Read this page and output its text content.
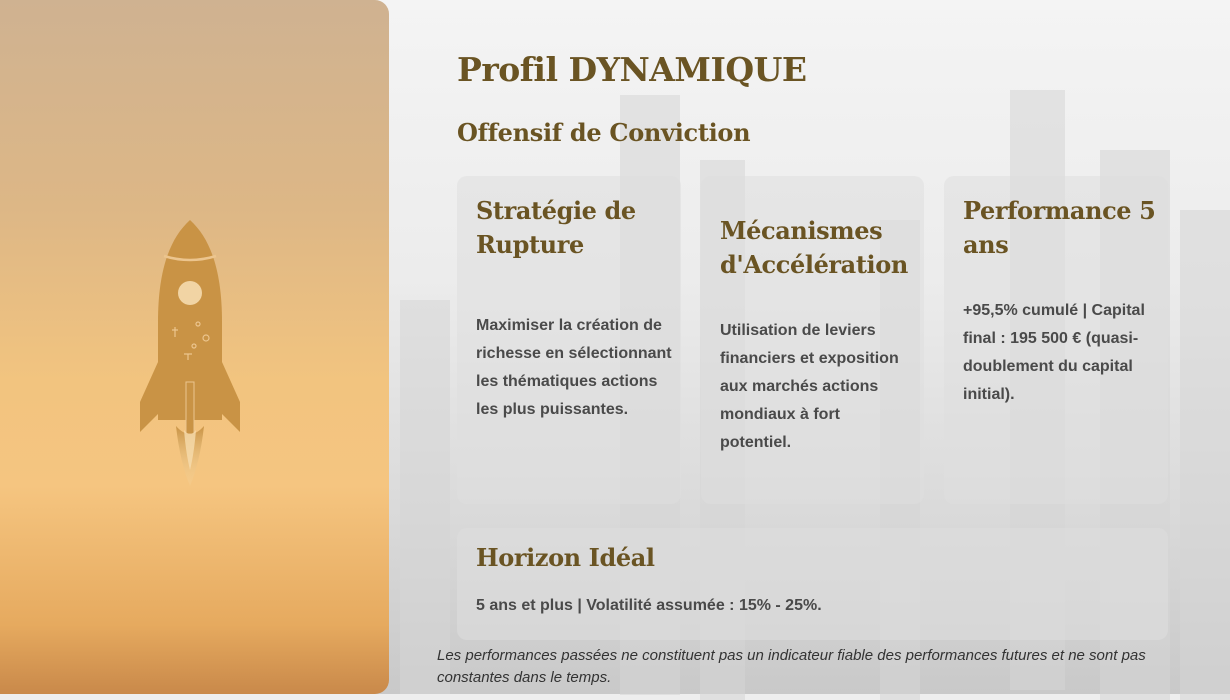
Profil DYNAMIQUE
Offensif de Conviction
Stratégie de Rupture

Maximiser la création de richesse en sélectionnant les thématiques actions les plus puissantes.

Mécanismes d'Accélération

Utilisation de leviers financiers et exposition aux marchés actions mondiaux à fort potentiel.

Performance 5 ans

+95,5% cumulé | Capital final : 195 500 € (quasi-doublement du capital initial).

Horizon Idéal

5 ans et plus | Volatilité assumée : 15% - 25%.

Les performances passées ne constituent pas un indicateur fiable des performances futures et ne sont pas constantes dans le temps.
